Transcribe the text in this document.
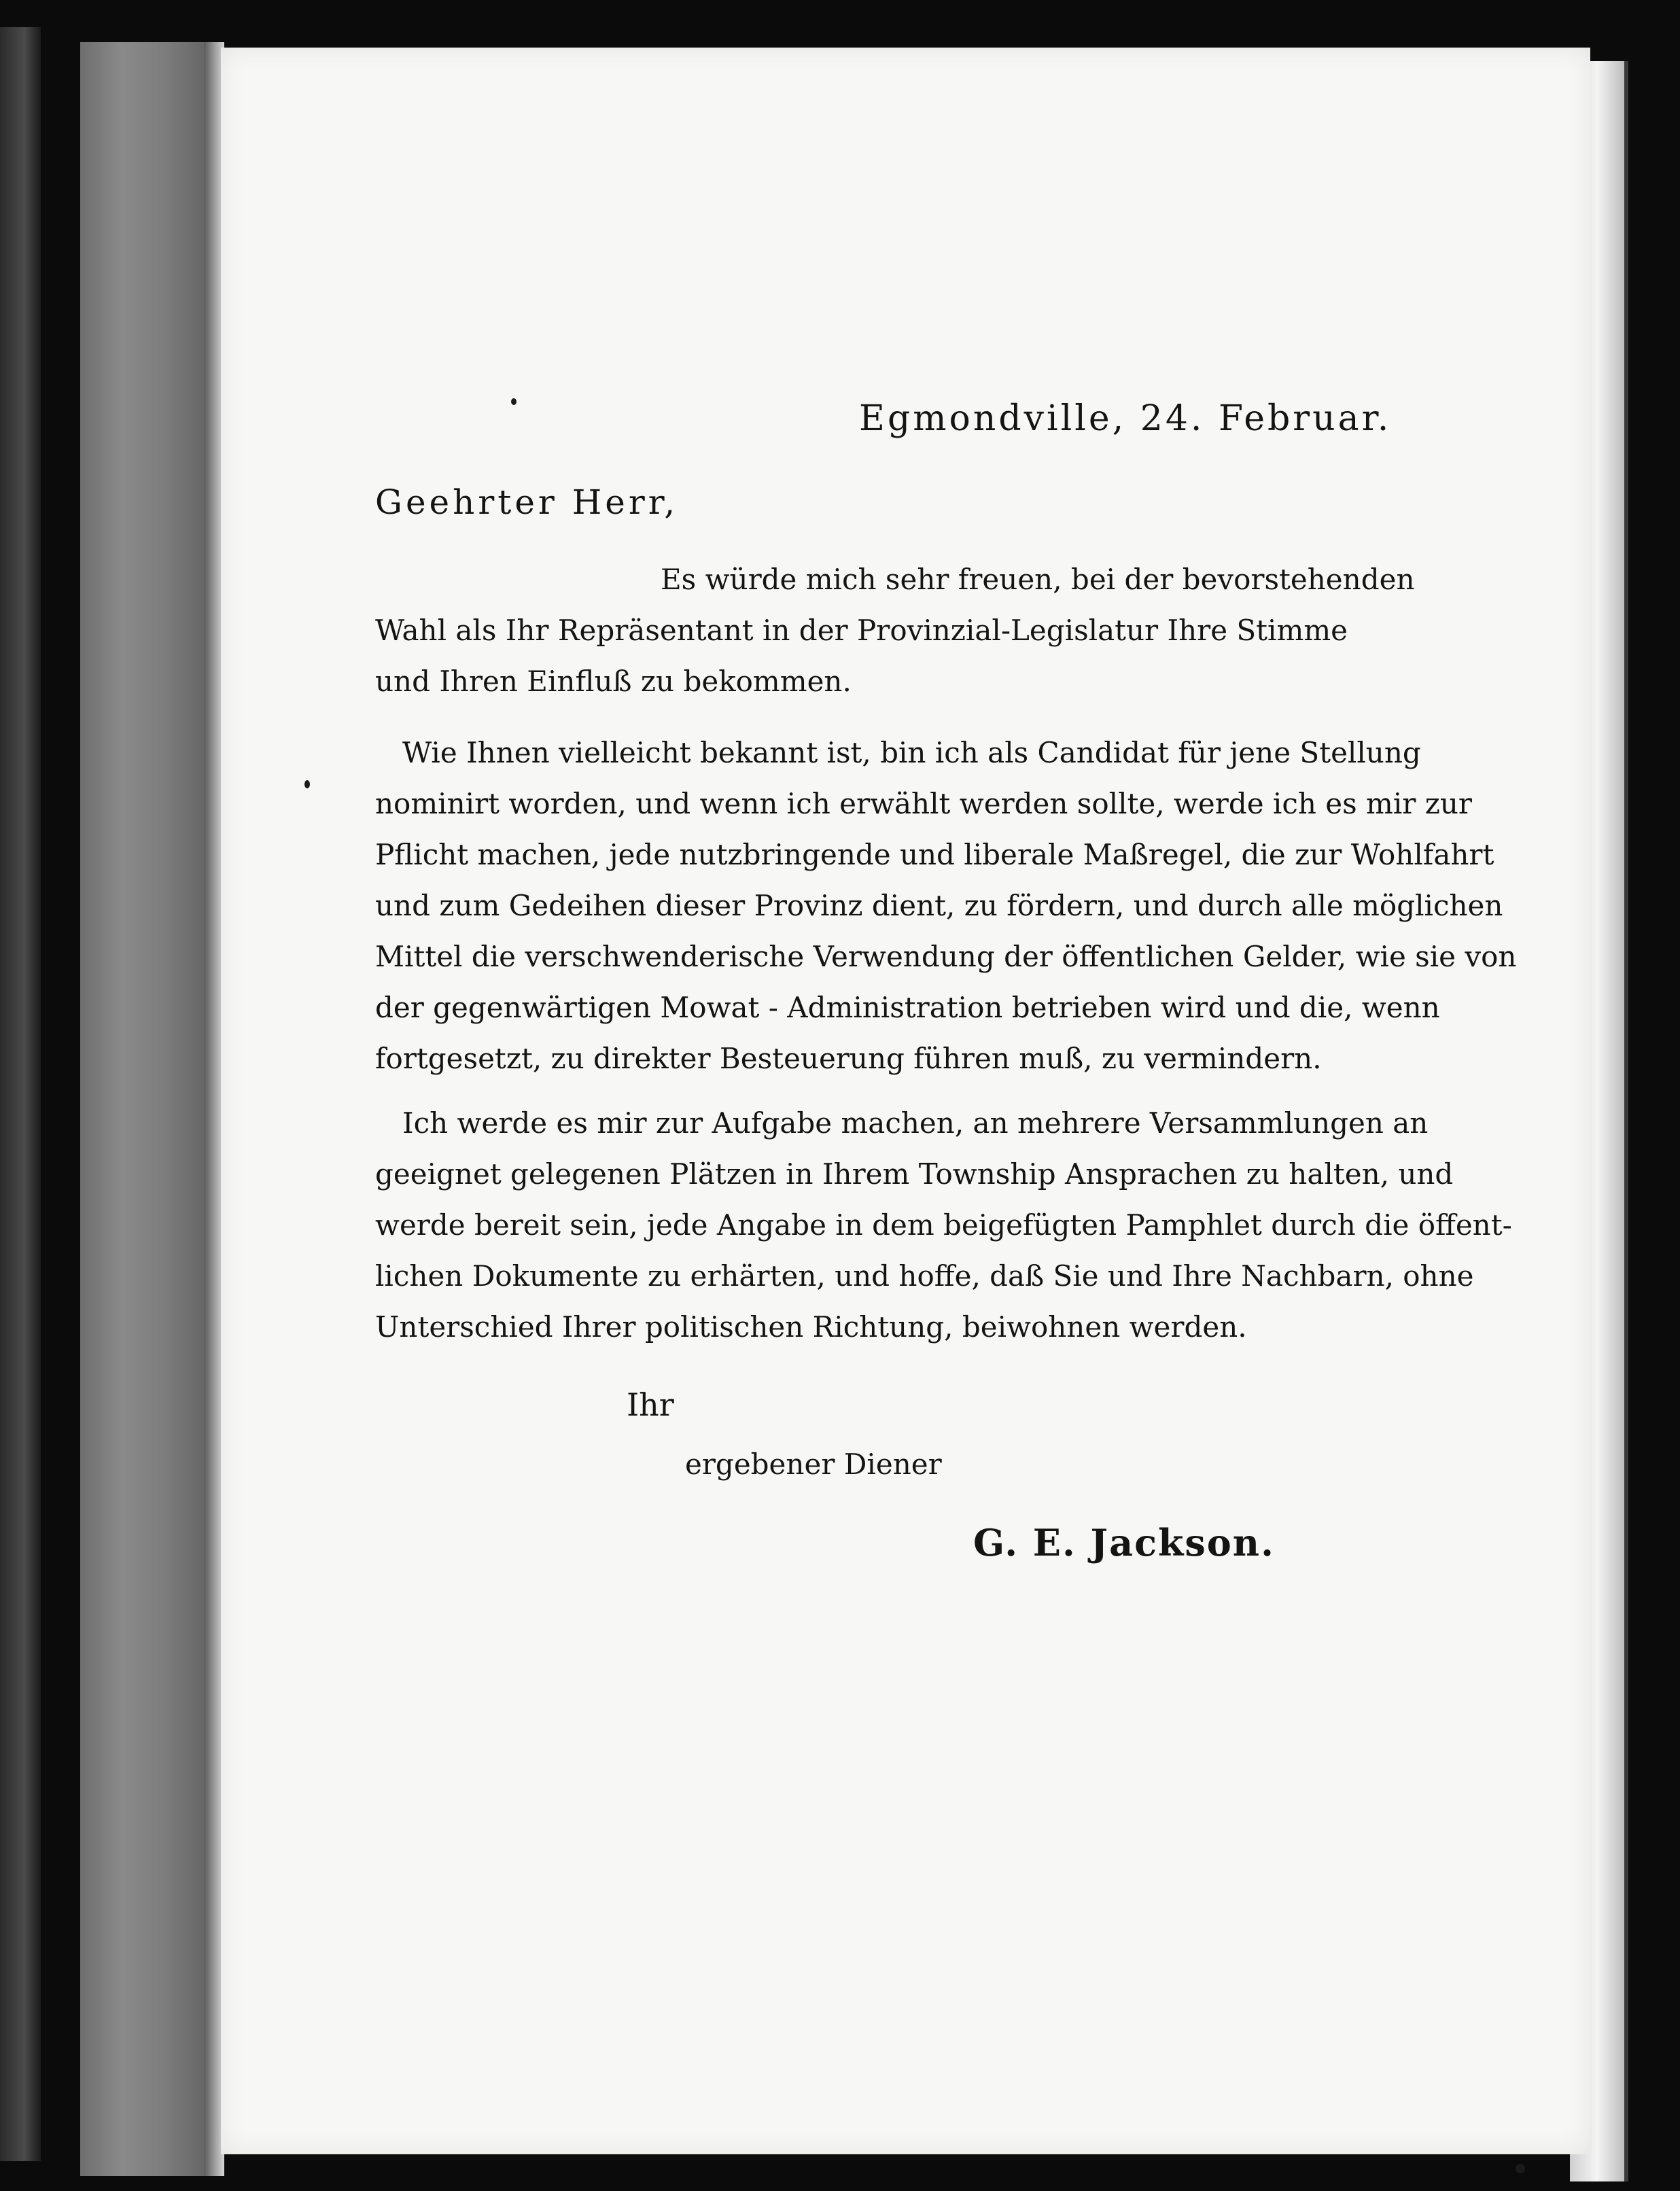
Egmondville, 24. Februar.
Geehrter Herr,
Es würde mich sehr freuen, bei der bevorstehenden
Wahl als Ihr Repräsentant in der Provinzial-Legislatur Ihre Stimme
und Ihren Einfluß zu bekommen.
Wie Ihnen vielleicht bekannt ist, bin ich als Candidat für jene Stellung
nominirt worden, und wenn ich erwählt werden sollte, werde ich es mir zur
Pflicht machen, jede nutzbringende und liberale Maßregel, die zur Wohlfahrt
und zum Gedeihen dieser Provinz dient, zu fördern, und durch alle möglichen
Mittel die verschwenderische Verwendung der öffentlichen Gelder, wie sie von
der gegenwärtigen Mowat - Administration betrieben wird und die, wenn
fortgesetzt, zu direkter Besteuerung führen muß, zu vermindern.
Ich werde es mir zur Aufgabe machen, an mehrere Versammlungen an
geeignet gelegenen Plätzen in Ihrem Township Ansprachen zu halten, und
werde bereit sein, jede Angabe in dem beigefügten Pamphlet durch die öffent-
lichen Dokumente zu erhärten, und hoffe, daß Sie und Ihre Nachbarn, ohne
Unterschied Ihrer politischen Richtung, beiwohnen werden.
Ihr
ergebener Diener
G. E. Jackson.
